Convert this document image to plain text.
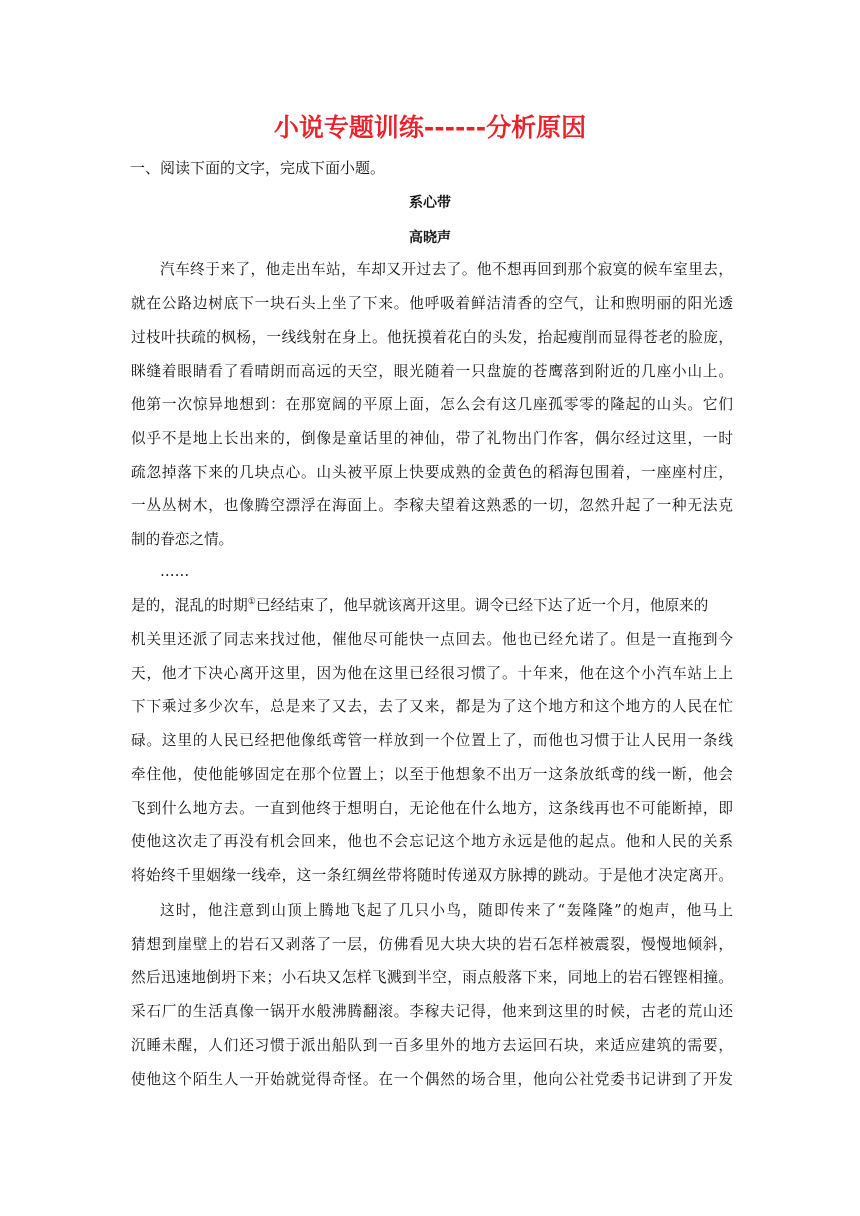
小说专题训练------分析原因
一、阅读下面的文字，完成下面小题。
系心带
高晓声
汽车终于来了，他走出车站，车却又开过去了。他不想再回到那个寂寞的候车室里去，
就在公路边树底下一块石头上坐了下来。他呼吸着鲜洁清香的空气，让和煦明丽的阳光透
过枝叶扶疏的枫杨，一线线射在身上。他抚摸着花白的头发，抬起瘦削而显得苍老的脸庞，
眯缝着眼睛看了看晴朗而高远的天空，眼光随着一只盘旋的苍鹰落到附近的几座小山上。
他第一次惊异地想到：在那宽阔的平原上面，怎么会有这几座孤零零的隆起的山头。它们
似乎不是地上长出来的，倒像是童话里的神仙，带了礼物出门作客，偶尔经过这里，一时
疏忽掉落下来的几块点心。山头被平原上快要成熟的金黄色的稻海包围着，一座座村庄，
一丛丛树木，也像腾空漂浮在海面上。李稼夫望着这熟悉的一切，忽然升起了一种无法克
制的眷恋之情。
……
是的，混乱的时期①已经结束了，他早就该离开这里。调令已经下达了近一个月，他原来的
机关里还派了同志来找过他，催他尽可能快一点回去。他也已经允诺了。但是一直拖到今
天，他才下决心离开这里，因为他在这里已经很习惯了。十年来，他在这个小汽车站上上
下下乘过多少次车，总是来了又去，去了又来，都是为了这个地方和这个地方的人民在忙
碌。这里的人民已经把他像纸鸢管一样放到一个位置上了，而他也习惯于让人民用一条线
牵住他，使他能够固定在那个位置上；以至于他想象不出万一这条放纸鸢的线一断，他会
飞到什么地方去。一直到他终于想明白，无论他在什么地方，这条线再也不可能断掉，即
使他这次走了再没有机会回来，他也不会忘记这个地方永远是他的起点。他和人民的关系
将始终千里姻缘一线牵，这一条红绸丝带将随时传递双方脉搏的跳动。于是他才决定离开。
这时，他注意到山顶上腾地飞起了几只小鸟，随即传来了“轰隆隆”的炮声，他马上
猜想到崖壁上的岩石又剥落了一层，仿佛看见大块大块的岩石怎样被震裂，慢慢地倾斜，
然后迅速地倒坍下来；小石块又怎样飞溅到半空，雨点般落下来，同地上的岩石铿铿相撞。
采石厂的生活真像一锅开水般沸腾翻滚。李稼夫记得，他来到这里的时候，古老的荒山还
沉睡未醒，人们还习惯于派出船队到一百多里外的地方去运回石块，来适应建筑的需要，
使他这个陌生人一开始就觉得奇怪。在一个偶然的场合里，他向公社党委书记讲到了开发
